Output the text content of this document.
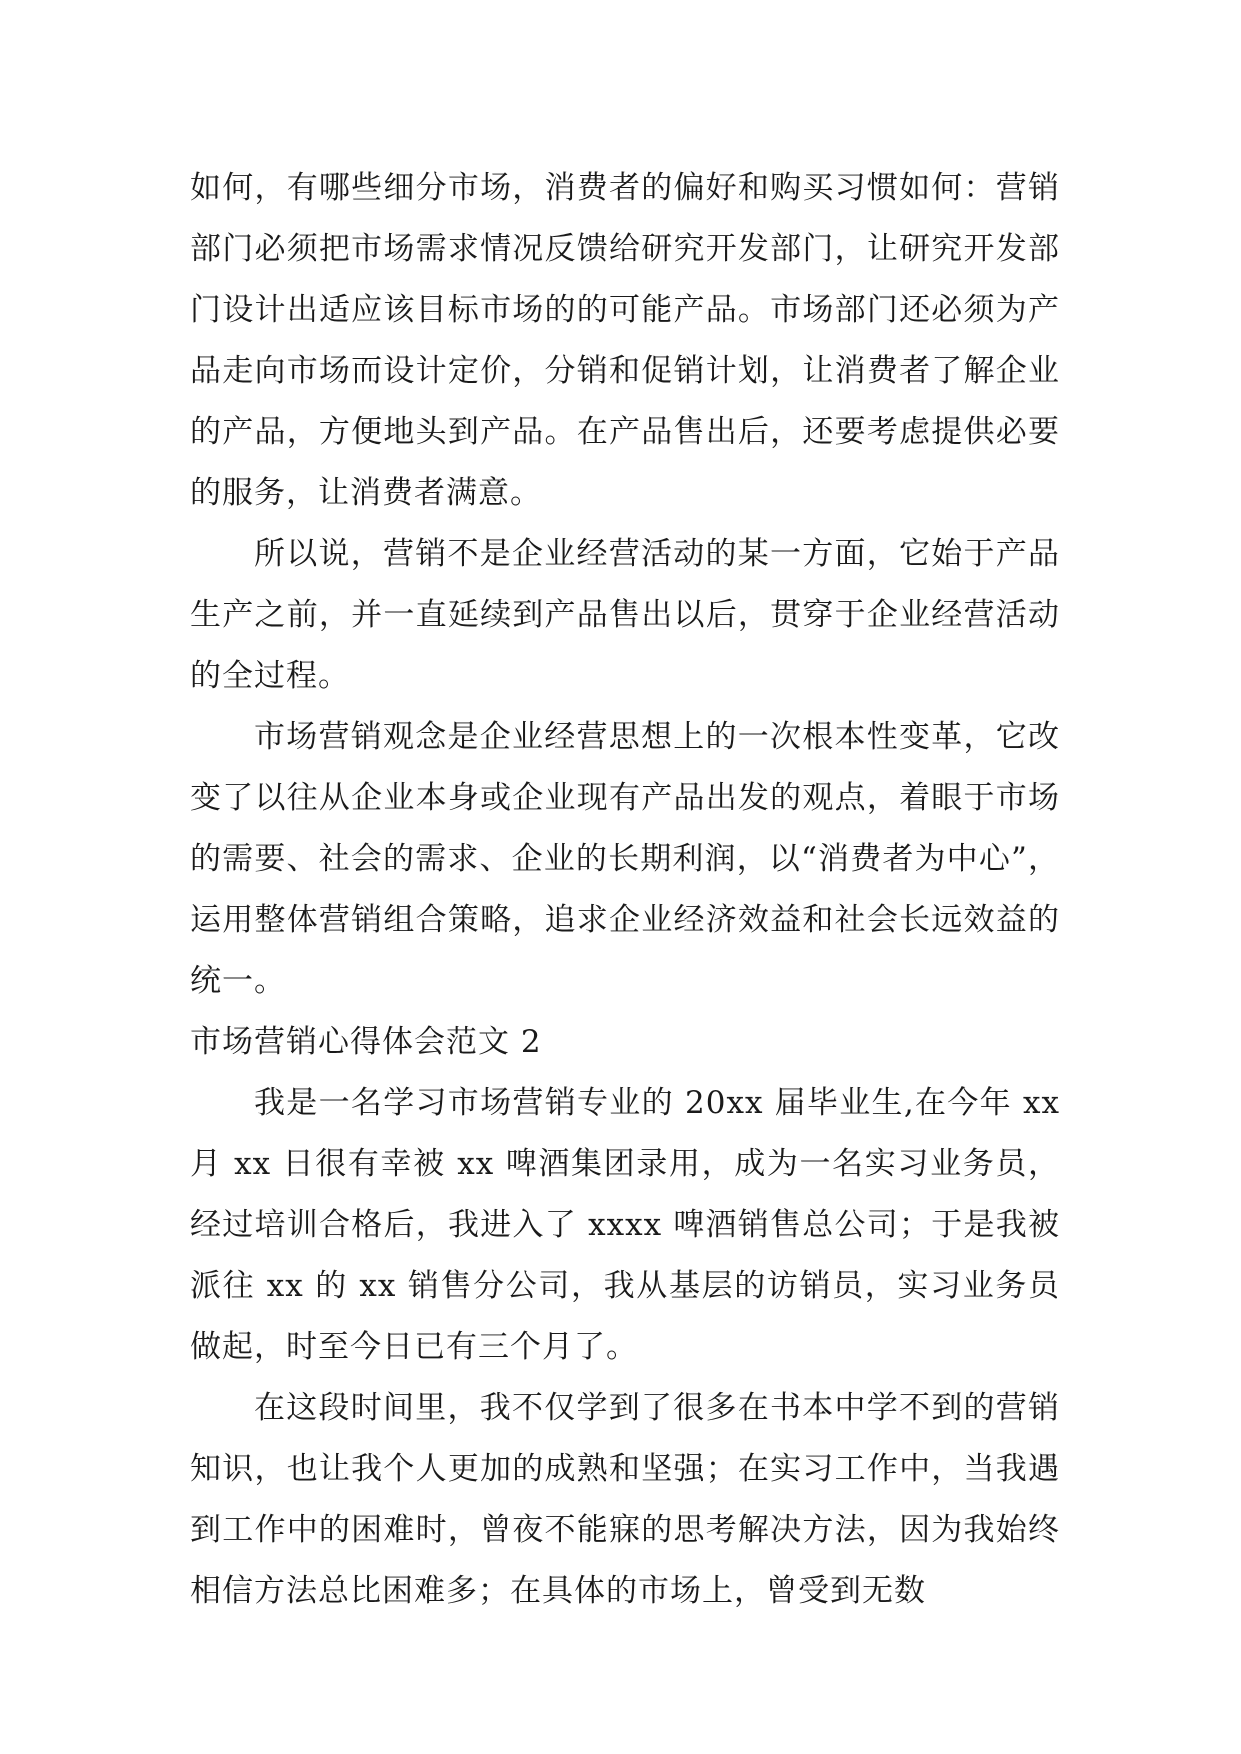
如何，有哪些细分市场，消费者的偏好和购买习惯如何：营销部门必须把市场需求情况反馈给研究开发部门，让研究开发部门设计出适应该目标市场的的可能产品。市场部门还必须为产品走向市场而设计定价，分销和促销计划，让消费者了解企业的产品，方便地头到产品。在产品售出后，还要考虑提供必要的服务，让消费者满意。

所以说，营销不是企业经营活动的某一方面，它始于产品生产之前，并一直延续到产品售出以后，贯穿于企业经营活动的全过程。

市场营销观念是企业经营思想上的一次根本性变革，它改变了以往从企业本身或企业现有产品出发的观点，着眼于市场的需要、社会的需求、企业的长期利润，以“消费者为中心”，运用整体营销组合策略，追求企业经济效益和社会长远效益的统一。

市场营销心得体会范文 2

我是一名学习市场营销专业的 20xx 届毕业生,在今年 xx 月 xx 日很有幸被 xx 啤酒集团录用，成为一名实习业务员，经过培训合格后，我进入了 xxxx 啤酒销售总公司；于是我被派往 xx 的 xx 销售分公司，我从基层的访销员，实习业务员做起，时至今日已有三个月了。

在这段时间里，我不仅学到了很多在书本中学不到的营销知识，也让我个人更加的成熟和坚强；在实习工作中，当我遇到工作中的困难时，曾夜不能寐的思考解决方法，因为我始终相信方法总比困难多；在具体的市场上，曾受到无数
